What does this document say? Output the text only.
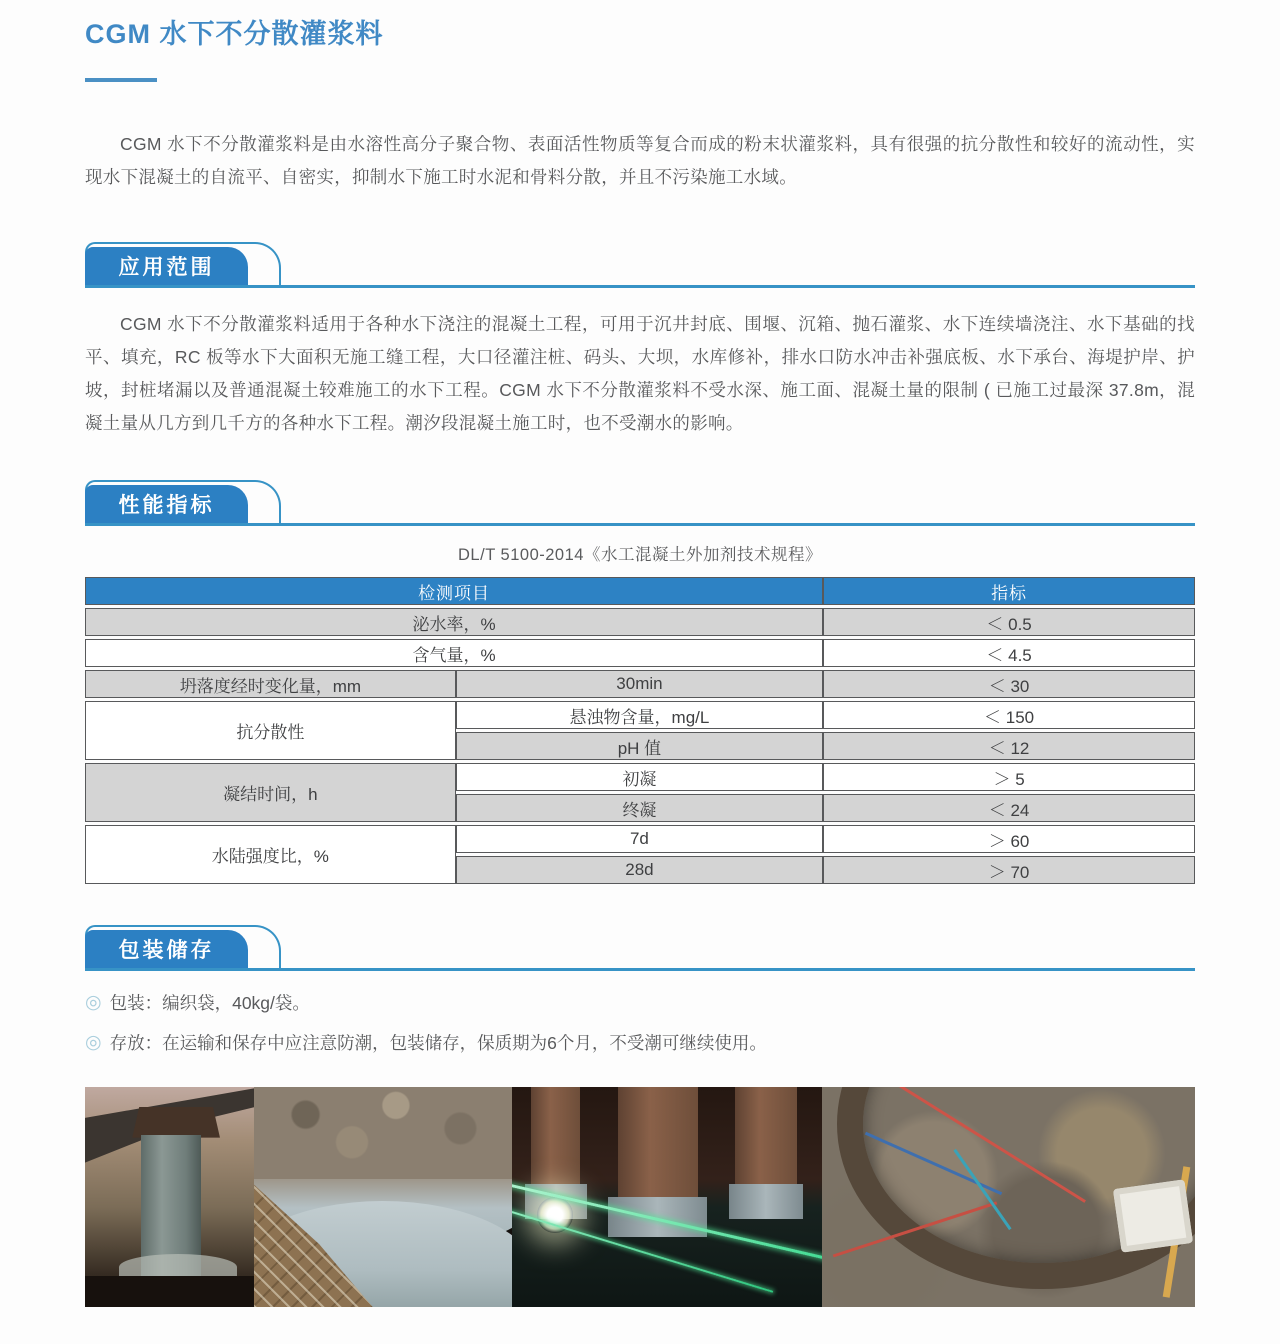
CGM 水下不分散灌浆料

CGM 水下不分散灌浆料是由水溶性高分子聚合物、表面活性物质等复合而成的粉末状灌浆料，具有很强的抗分散性和较好的流动性，实现水下混凝土的自流平、自密实，抑制水下施工时水泥和骨料分散，并且不污染施工水域。

应用范围

CGM 水下不分散灌浆料适用于各种水下浇注的混凝土工程，可用于沉井封底、围堰、沉箱、抛石灌浆、水下连续墙浇注、水下基础的找平、填充，RC 板等水下大面积无施工缝工程，大口径灌注桩、码头、大坝，水库修补，排水口防水冲击补强底板、水下承台、海堤护岸、护坡，封桩堵漏以及普通混凝土较难施工的水下工程。CGM 水下不分散灌浆料不受水深、施工面、混凝土量的限制 ( 已施工过最深 37.8m，混凝土量从几方到几千方的各种水下工程。潮汐段混凝土施工时，也不受潮水的影响。

性能指标
DL/T 5100-2014《水工混凝土外加剂技术规程》
检测项目		指标
泌水率，%		＜ 0.5
含气量，%		＜ 4.5
坍落度经时变化量，mm	30min	＜ 30
抗分散性	悬浊物含量，mg/L	＜ 150
	pH 值	＜ 12
凝结时间，h	初凝	＞ 5
	终凝	＜ 24
水陆强度比，%	7d	＞ 60
	28d	＞ 70
包装储存
◎ 包装：编织袋，40kg/袋。
◎ 存放：在运输和保存中应注意防潮，包装储存，保质期为6个月，不受潮可继续使用。
